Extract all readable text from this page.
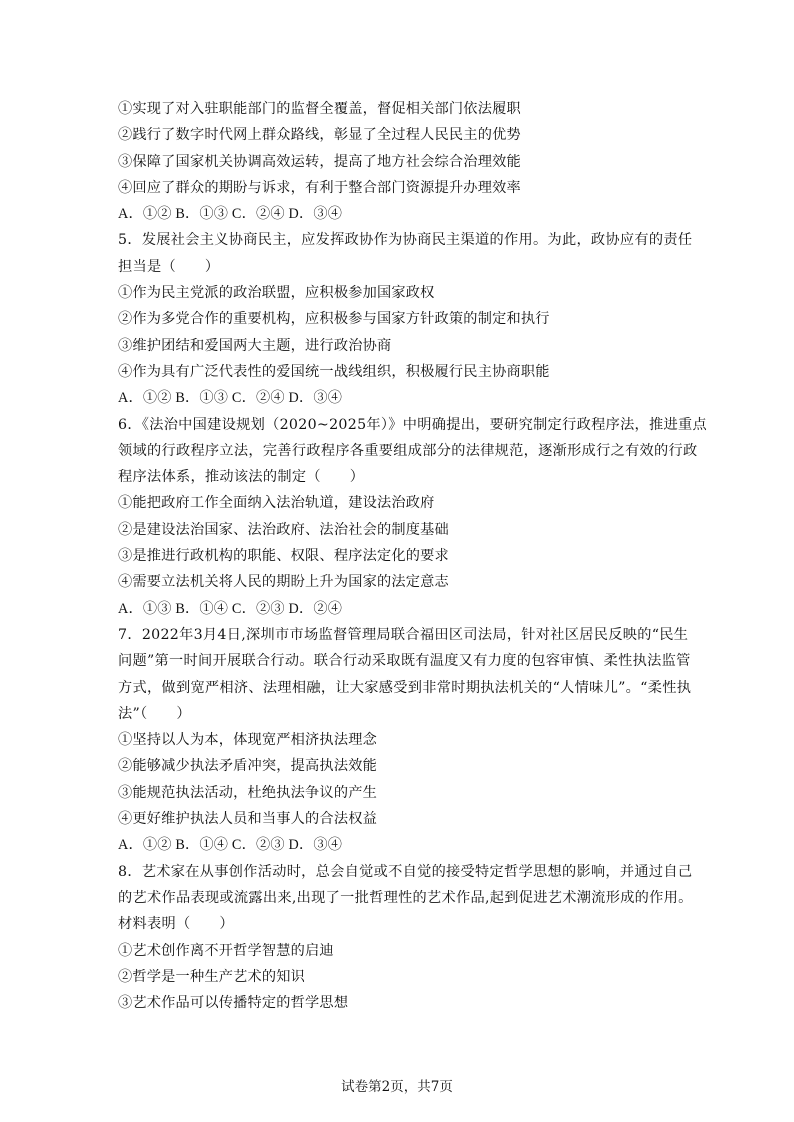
①实现了对入驻职能部门的监督全覆盖，督促相关部门依法履职
②践行了数字时代网上群众路线，彰显了全过程人民民主的优势
③保障了国家机关协调高效运转，提高了地方社会综合治理效能
④回应了群众的期盼与诉求，有利于整合部门资源提升办理效率
A．①② B．①③ C．②④ D．③④
5．发展社会主义协商民主，应发挥政协作为协商民主渠道的作用。为此，政协应有的责任
担当是（　　）
①作为民主党派的政治联盟，应积极参加国家政权
②作为多党合作的重要机构，应积极参与国家方针政策的制定和执行
③维护团结和爱国两大主题，进行政治协商
④作为具有广泛代表性的爱国统一战线组织，积极履行民主协商职能
A．①② B．①③ C．②④ D．③④
6．《法治中国建设规划（2020~2025年）》中明确提出，要研究制定行政程序法，推进重点
领域的行政程序立法，完善行政程序各重要组成部分的法律规范，逐渐形成行之有效的行政
程序法体系，推动该法的制定（　　）
①能把政府工作全面纳入法治轨道，建设法治政府
②是建设法治国家、法治政府、法治社会的制度基础
③是推进行政机构的职能、权限、程序法定化的要求
④需要立法机关将人民的期盼上升为国家的法定意志
A．①③ B．①④ C．②③ D．②④
7．2022年3月4日,深圳市市场监督管理局联合福田区司法局，针对社区居民反映的“民生
问题”第一时间开展联合行动。联合行动采取既有温度又有力度的包容审慎、柔性执法监管
方式，做到宽严相济、法理相融，让大家感受到非常时期执法机关的“人情味儿”。“柔性执
法”（　　）
①坚持以人为本，体现宽严相济执法理念
②能够减少执法矛盾冲突，提高执法效能
③能规范执法活动，杜绝执法争议的产生
④更好维护执法人员和当事人的合法权益
A．①② B．①④ C．②③ D．③④
8．艺术家在从事创作活动时，总会自觉或不自觉的接受特定哲学思想的影响，并通过自己
的艺术作品表现或流露出来,出现了一批哲理性的艺术作品,起到促进艺术潮流形成的作用。
材料表明（　　）
①艺术创作离不开哲学智慧的启迪
②哲学是一种生产艺术的知识
③艺术作品可以传播特定的哲学思想
试卷第2页，共7页
